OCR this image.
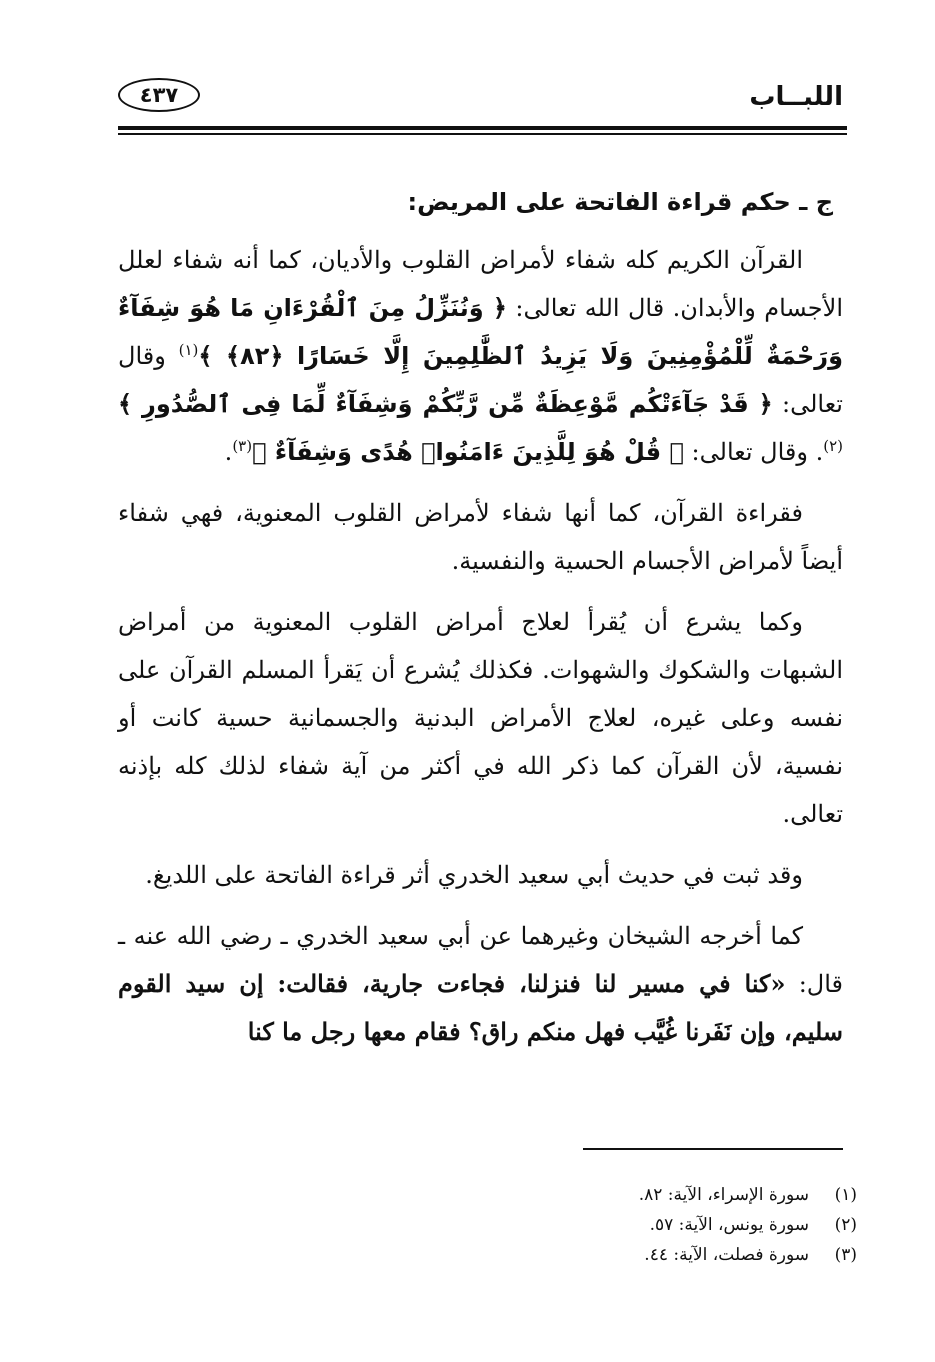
اللبــاب
٤٣٧
ج ـ حكم قراءة الفاتحة على المريض:

القرآن الكريم كله شفاء لأمراض القلوب والأديان، كما أنه شفاء لعلل الأجسام والأبدان. قال الله تعالى: ﴿ وَنُنَزِّلُ مِنَ ٱلْقُرْءَانِ مَا هُوَ شِفَآءٌ وَرَحْمَةٌ لِّلْمُؤْمِنِينَ وَلَا يَزِيدُ ٱلظَّٰلِمِينَ إِلَّا خَسَارًا ﴿٨٢﴾ ﴾$^{(١)}$ وقال تعالى: ﴿ قَدْ جَآءَتْكُم مَّوْعِظَةٌ مِّن رَّبِّكُمْ وَشِفَآءٌ لِّمَا فِى ٱلصُّدُورِ ﴾$^{(٢)}$. وقال تعالى: ﴿ قُلْ هُوَ لِلَّذِينَ ءَامَنُوا۟ هُدًى وَشِفَآءٌ ﴾$^{(٣)}$.

فقراءة القرآن، كما أنها شفاء لأمراض القلوب المعنوية، فهي شفاء أيضاً لأمراض الأجسام الحسية والنفسية.

وكما يشرع أن يُقرأ لعلاج أمراض القلوب المعنوية من أمراض الشبهات والشكوك والشهوات. فكذلك يُشرع أن يَقرأ المسلم القرآن على نفسه وعلى غيره، لعلاج الأمراض البدنية والجسمانية حسية كانت أو نفسية، لأن القرآن كما ذكر الله في أكثر من آية شفاء لذلك كله بإذنه تعالى.

وقد ثبت في حديث أبي سعيد الخدري أثر قراءة الفاتحة على اللديغ.

كما أخرجه الشيخان وغيرهما عن أبي سعيد الخدري ـ رضي الله عنه ـ قال: «كنا في مسير لنا فنزلنا، فجاءت جارية، فقالت: إن سيد القوم سليم، وإن نَفَرنا غُيَّب فهل منكم راق؟ فقام معها رجل ما كنا

(١)
سورة الإسراء، الآية: ٨٢.
(٢)
سورة يونس، الآية: ٥٧.
(٣)
سورة فصلت، الآية: ٤٤.
